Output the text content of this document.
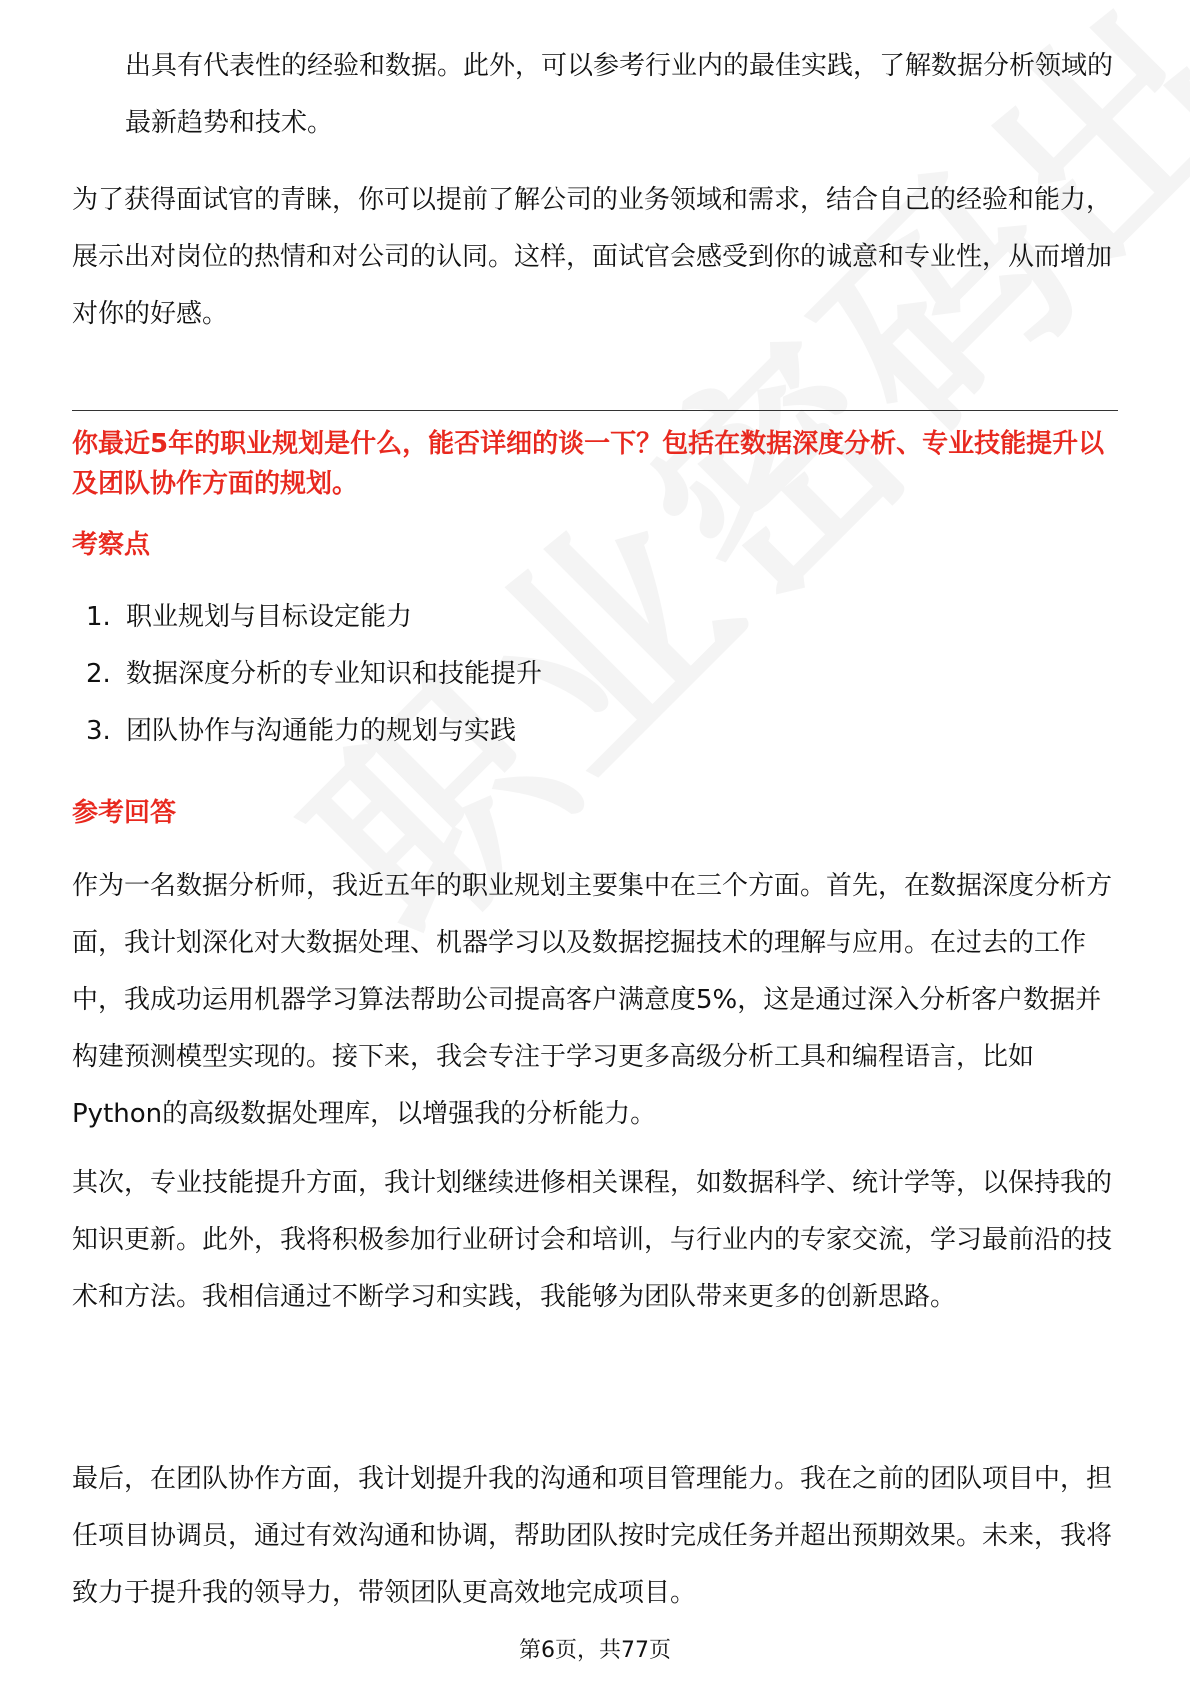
出具有代表性的经验和数据。此外，可以参考行业内的最佳实践，了解数据分析领域的最新趋势和技术。

为了获得面试官的青睐，你可以提前了解公司的业务领域和需求，结合自己的经验和能力，展示出对岗位的热情和对公司的认同。这样，面试官会感受到你的诚意和专业性，从而增加对你的好感。

你最近5年的职业规划是什么，能否详细的谈一下？包括在数据深度分析、专业技能提升以及团队协作方面的规划。

考察点

1. 职业规划与目标设定能力
2. 数据深度分析的专业知识和技能提升
3. 团队协作与沟通能力的规划与实践

参考回答

作为一名数据分析师，我近五年的职业规划主要集中在三个方面。首先，在数据深度分析方面，我计划深化对大数据处理、机器学习以及数据挖掘技术的理解与应用。在过去的工作中，我成功运用机器学习算法帮助公司提高客户满意度5%，这是通过深入分析客户数据并构建预测模型实现的。接下来，我会专注于学习更多高级分析工具和编程语言，比如Python的高级数据处理库，以增强我的分析能力。

其次，专业技能提升方面，我计划继续进修相关课程，如数据科学、统计学等，以保持我的知识更新。此外，我将积极参加行业研讨会和培训，与行业内的专家交流，学习最前沿的技术和方法。我相信通过不断学习和实践，我能够为团队带来更多的创新思路。

最后，在团队协作方面，我计划提升我的沟通和项目管理能力。我在之前的团队项目中，担任项目协调员，通过有效沟通和协调，帮助团队按时完成任务并超出预期效果。未来，我将致力于提升我的领导力，带领团队更高效地完成项目。

第6页，共77页
